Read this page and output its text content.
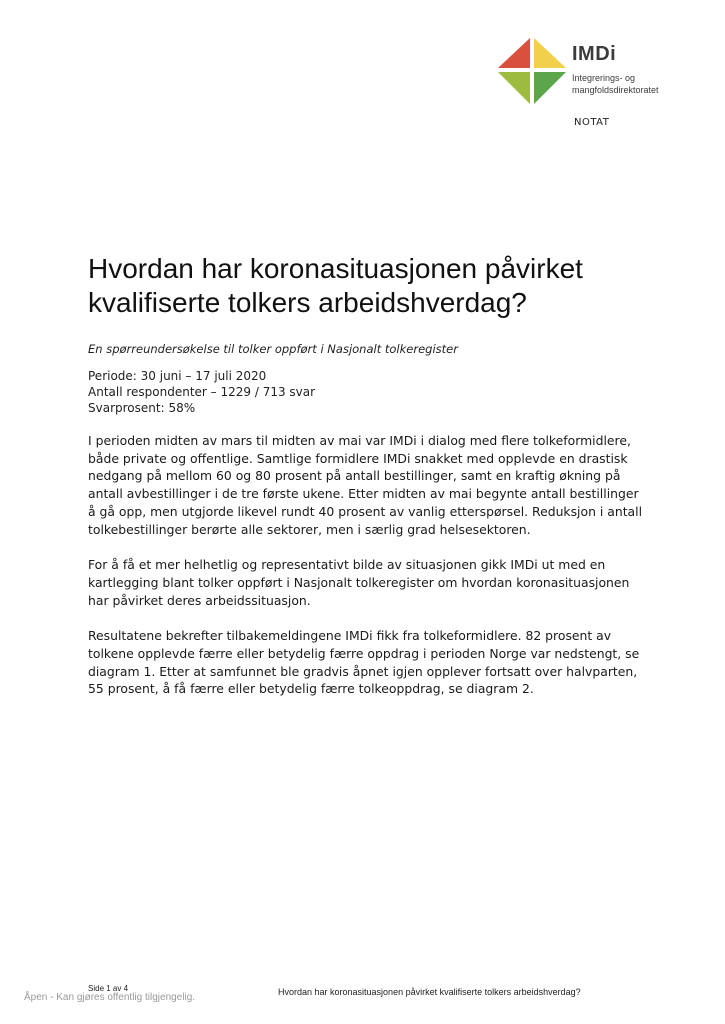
IMDi
Integrerings- og
mangfoldsdirektoratet
NOTAT
Hvordan har koronasituasjonen påvirket
kvalifiserte tolkers arbeidshverdag?

En spørreundersøkelse til tolker oppført i Nasjonalt tolkeregister

Periode: 30 juni – 17 juli 2020
Antall respondenter – 1229 / 713 svar
Svarprosent: 58%

I perioden midten av mars til midten av mai var IMDi i dialog med flere tolkeformidlere,
både private og offentlige. Samtlige formidlere IMDi snakket med opplevde en drastisk
nedgang på mellom 60 og 80 prosent på antall bestillinger, samt en kraftig økning på
antall avbestillinger i de tre første ukene. Etter midten av mai begynte antall bestillinger
å gå opp, men utgjorde likevel rundt 40 prosent av vanlig etterspørsel. Reduksjon i antall
tolkebestillinger berørte alle sektorer, men i særlig grad helsesektoren.

For å få et mer helhetlig og representativt bilde av situasjonen gikk IMDi ut med en
kartlegging blant tolker oppført i Nasjonalt tolkeregister om hvordan koronasituasjonen
har påvirket deres arbeidssituasjon.

Resultatene bekrefter tilbakemeldingene IMDi fikk fra tolkeformidlere. 82 prosent av
tolkene opplevde færre eller betydelig færre oppdrag i perioden Norge var nedstengt, se
diagram 1. Etter at samfunnet ble gradvis åpnet igjen opplever fortsatt over halvparten,
55 prosent, å få færre eller betydelig færre tolkeoppdrag, se diagram 2.

Side 1 av 4	Hvordan har koronasituasjonen påvirket kvalifiserte tolkers arbeidshverdag?
Åpen - Kan gjøres offentlig tilgjengelig.
